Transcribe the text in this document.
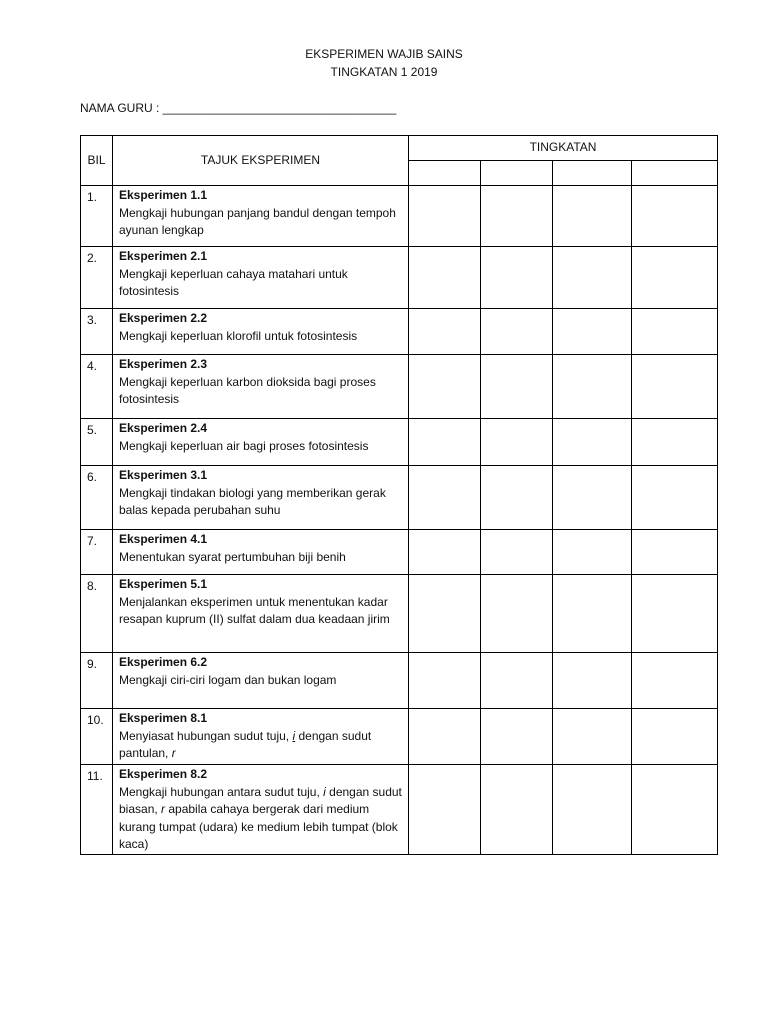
EKSPERIMEN WAJIB SAINS
TINGKATAN 1 2019
NAMA GURU : ___________________________________
BIL	TAJUK EKSPERIMEN	TINGKATAN			

1.	Eksperimen 1.1
Mengkaji hubungan panjang bandul dengan tempoh ayunan lengkap				

2.	Eksperimen 2.1
Mengkaji keperluan cahaya matahari untuk fotosintesis				

3.	Eksperimen 2.2
Mengkaji keperluan klorofil untuk fotosintesis				

4.	Eksperimen 2.3
Mengkaji keperluan karbon dioksida bagi proses fotosintesis				

5.	Eksperimen 2.4
Mengkaji keperluan air bagi proses fotosintesis				

6.	Eksperimen 3.1
Mengkaji tindakan biologi yang memberikan gerak balas kepada perubahan suhu				

7.	Eksperimen 4.1
Menentukan syarat pertumbuhan biji benih				

8.	Eksperimen 5.1
Menjalankan eksperimen untuk menentukan kadar resapan kuprum (II) sulfat dalam dua keadaan jirim				

9.	Eksperimen 6.2
Mengkaji ciri-ciri logam dan bukan logam				

10.	Eksperimen 8.1
Menyiasat hubungan sudut tuju, i dengan sudut pantulan, r				

11.	Eksperimen 8.2
Mengkaji hubungan antara sudut tuju, i dengan sudut biasan, r apabila cahaya bergerak dari medium kurang tumpat (udara) ke medium lebih tumpat (blok kaca)				
